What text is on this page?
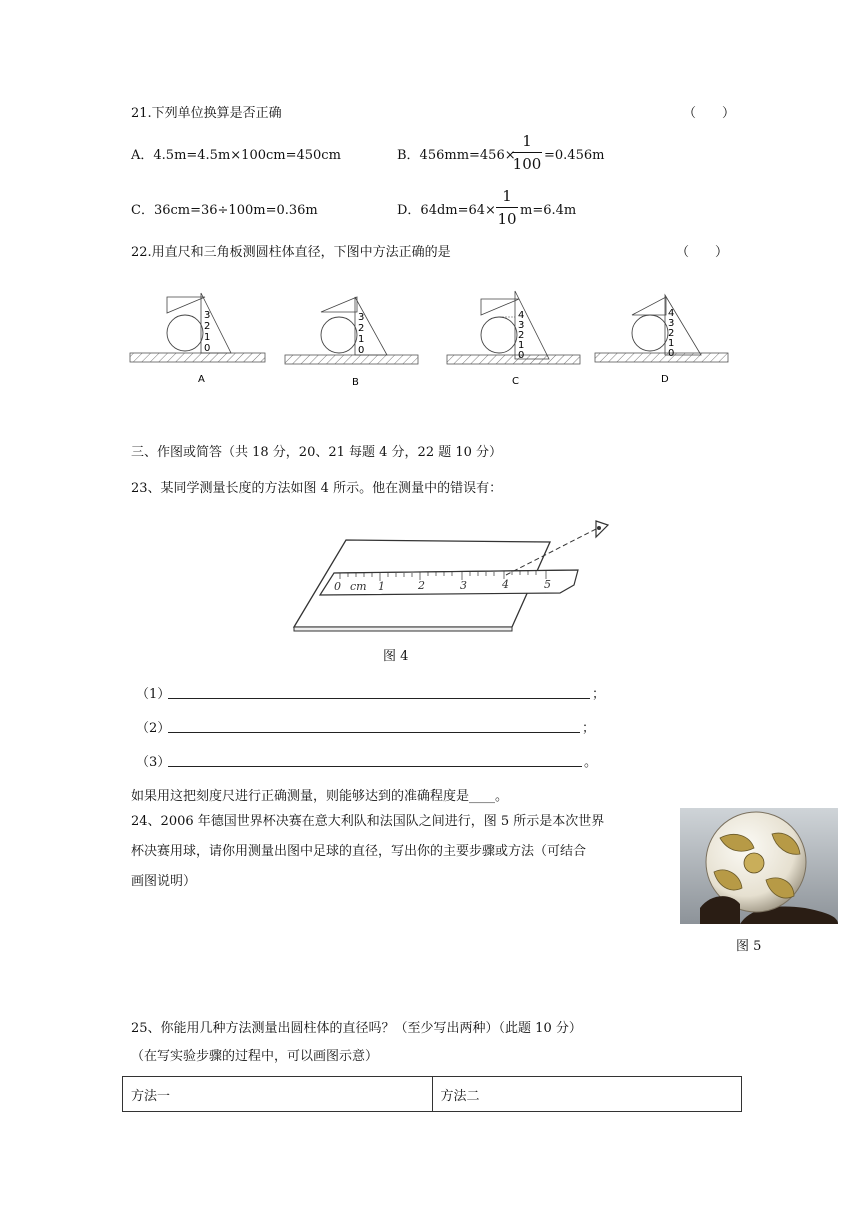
21.下列单位换算是否正确	（　　）
A．4.5m=4.5m×100cm=450cm	B．456mm=456×
1
100 =0.456m
C．36cm=36÷100m=0.36m	D．64dm=64×
1
10 m=6.4m
22.用直尺和三角板测圆柱体直径，下图中方法正确的是	（　　）
3
2
1
0
A
3
2
1
0
B
4
3
2
1
0
C
4
3
2
1
0
D
三、作图或简答（共 18 分，20、21 每题 4 分，22 题 10 分）
23、某同学测量长度的方法如图 4 所示。他在测量中的错误有：
0 cm 1	2	3	4	5
图 4
（1）	；
（2）	；
（3）	。
如果用这把刻度尺进行正确测量，则能够达到的准确程度是____。
24、2006 年德国世界杯决赛在意大利队和法国队之间进行，图 5 所示是本次世界
杯决赛用球，请你用测量出图中足球的直径，写出你的主要步骤或方法（可结合
画图说明）
图 5
25、你能用几种方法测量出圆柱体的直径吗？（至少写出两种）（此题 10 分）
（在写实验步骤的过程中，可以画图示意）
方法一	方法二
